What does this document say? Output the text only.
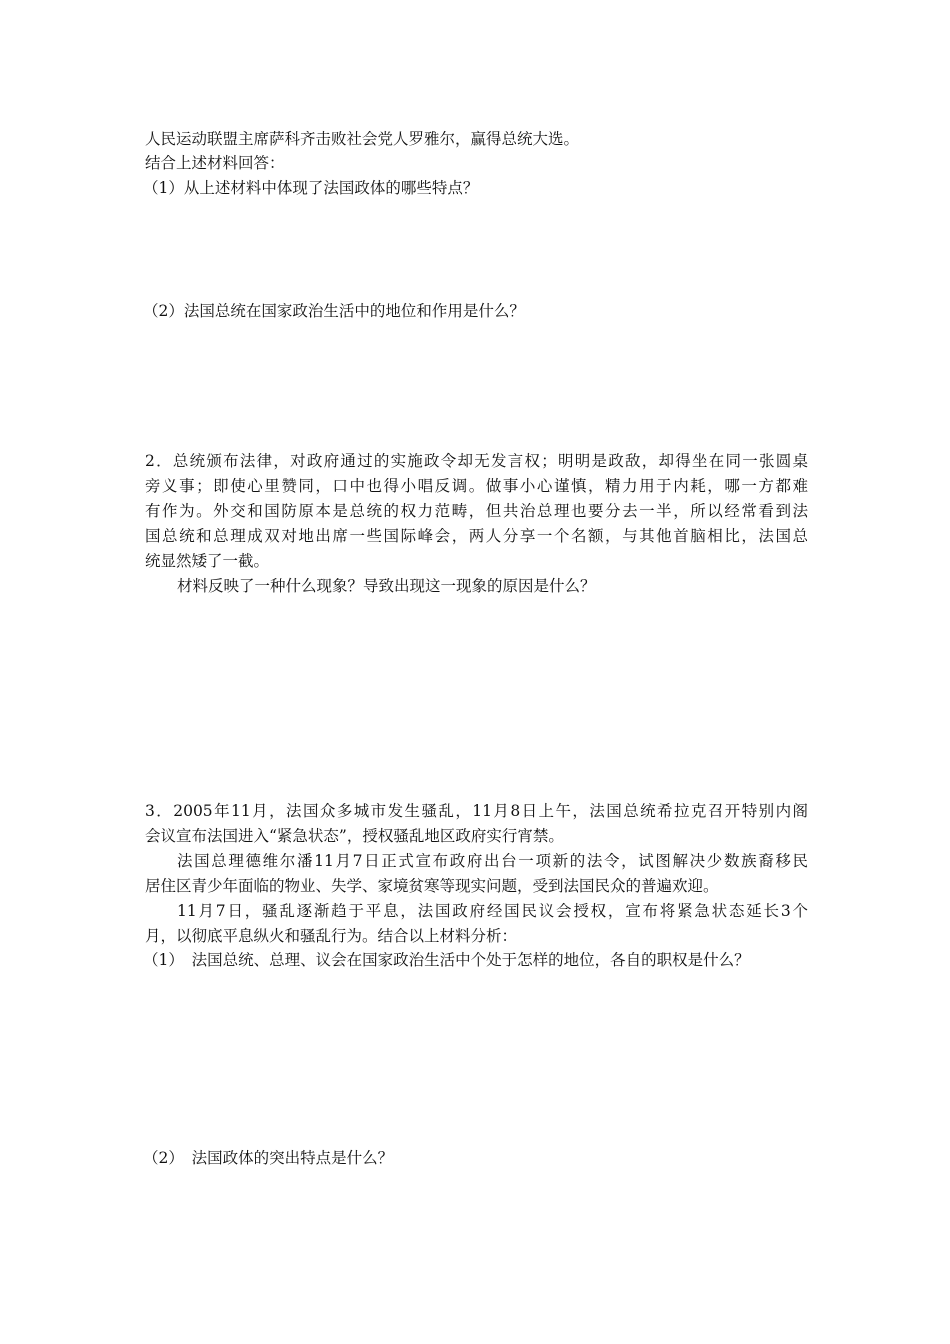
人民运动联盟主席萨科齐击败社会党人罗雅尔，赢得总统大选。
结合上述材料回答：
（1）从上述材料中体现了法国政体的哪些特点？
（2）法国总统在国家政治生活中的地位和作用是什么？
2．总统颁布法律，对政府通过的实施政令却无发言权；明明是政敌，却得坐在同一张圆桌
旁义事；即使心里赞同，口中也得小唱反调。做事小心谨慎，精力用于内耗，哪一方都难
有作为。外交和国防原本是总统的权力范畴，但共治总理也要分去一半，所以经常看到法
国总统和总理成双对地出席一些国际峰会，两人分享一个名额，与其他首脑相比，法国总
统显然矮了一截。
材料反映了一种什么现象？导致出现这一现象的原因是什么？
3．2005年11月，法国众多城市发生骚乱，11月8日上午，法国总统希拉克召开特别内阁
会议宣布法国进入“紧急状态”，授权骚乱地区政府实行宵禁。
法国总理德维尔潘11月7日正式宣布政府出台一项新的法令，试图解决少数族裔移民
居住区青少年面临的物业、失学、家境贫寒等现实问题，受到法国民众的普遍欢迎。
11月7日，骚乱逐渐趋于平息，法国政府经国民议会授权，宣布将紧急状态延长3个
月，以彻底平息纵火和骚乱行为。结合以上材料分析：
（1）　法国总统、总理、议会在国家政治生活中个处于怎样的地位，各自的职权是什么？
（2）　法国政体的突出特点是什么？
